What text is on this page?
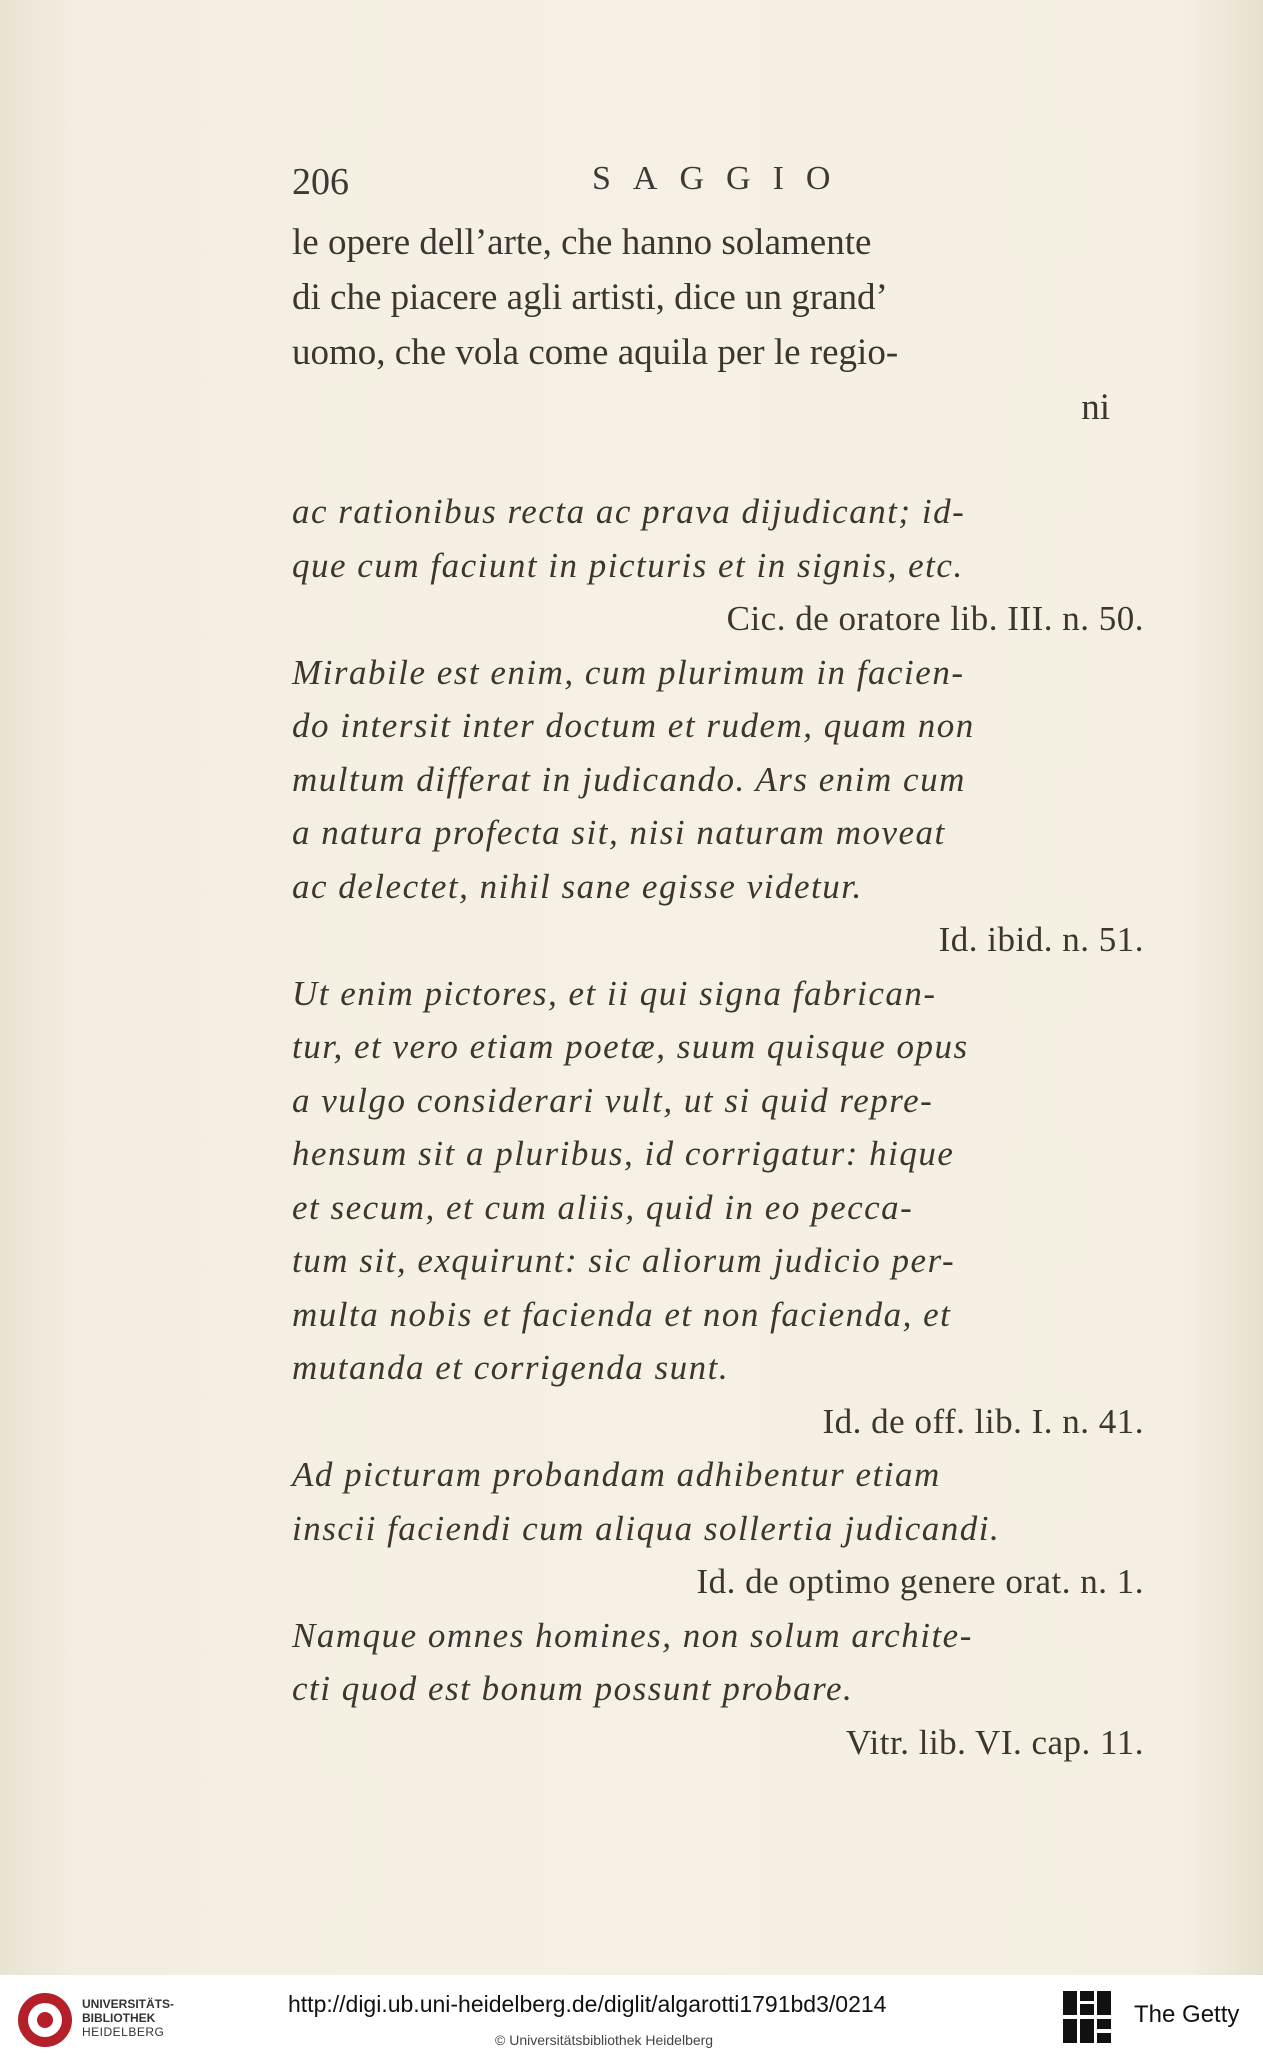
206	SAGGIO
le opere dell’arte, che hanno solamente
di che piacere agli artisti, dice un grand’
uomo, che vola come aquila per le regio-
ni
ac rationibus recta ac prava dijudicant; id-
que cum faciunt in picturis et in signis, etc.
Cic. de oratore lib. III. n. 50.
Mirabile est enim, cum plurimum in facien-
do intersit inter doctum et rudem, quam non
multum differat in judicando. Ars enim cum
a natura profecta sit, nisi naturam moveat
ac delectet, nihil sane egisse videtur.
Id. ibid. n. 51.
Ut enim pictores, et ii qui signa fabrican-
tur, et vero etiam poetæ, suum quisque opus
a vulgo considerari vult, ut si quid repre-
hensum sit a pluribus, id corrigatur: hique
et secum, et cum aliis, quid in eo pecca-
tum sit, exquirunt: sic aliorum judicio per-
multa nobis et facienda et non facienda, et
mutanda et corrigenda sunt.
Id. de off. lib. I. n. 41.
Ad picturam probandam adhibentur etiam
inscii faciendi cum aliqua sollertia judicandi.
Id. de optimo genere orat. n. 1.
Namque omnes homines, non solum archite-
cti quod est bonum possunt probare.
Vitr. lib. VI. cap. 11.
UNIVERSITÄTS-
BIBLIOTHEK
HEIDELBERG
http://digi.ub.uni-heidelberg.de/diglit/algarotti1791bd3/0214
© Universitätsbibliothek Heidelberg
The Getty
